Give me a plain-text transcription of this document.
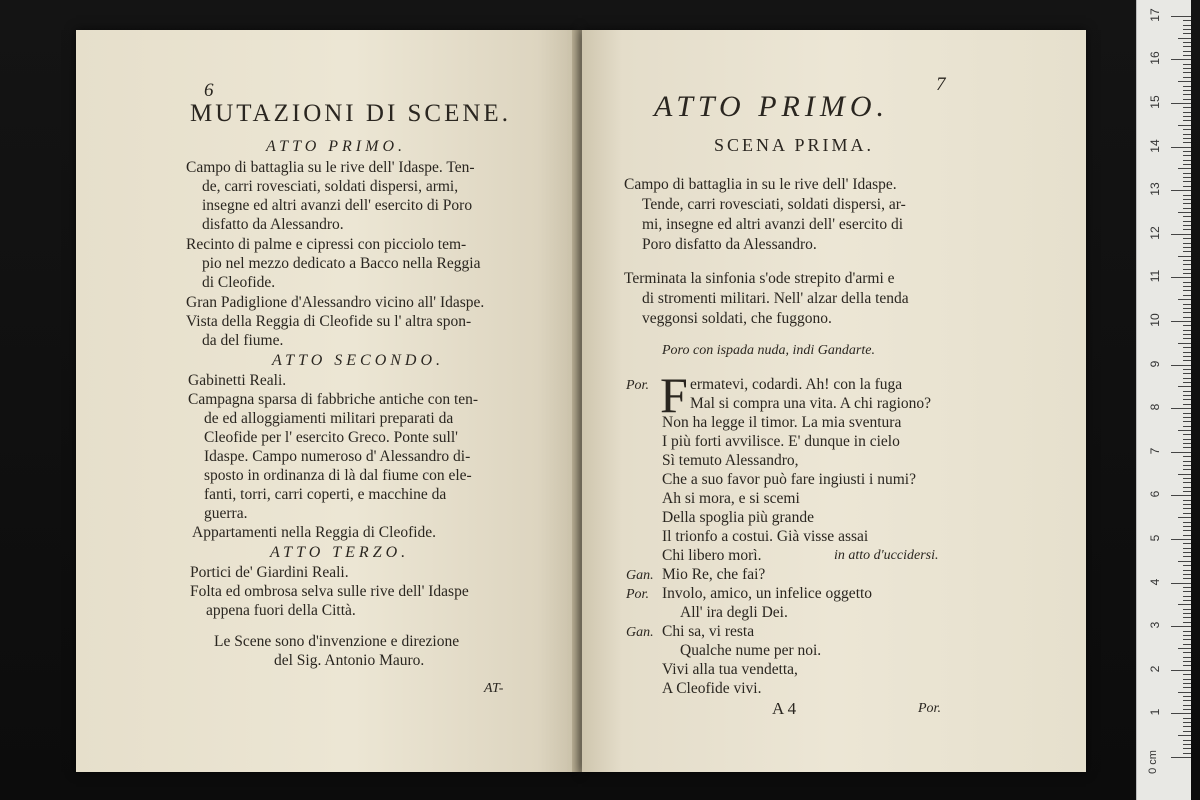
6
MUTAZIONI DI SCENE.
ATTO PRIMO.
Campo di battaglia su le rive dell' Idaspe. Ten-
de, carri rovesciati, soldati dispersi, armi,
insegne ed altri avanzi dell' esercito di Poro
disfatto da Alessandro.
Recinto di palme e cipressi con picciolo tem-
pio nel mezzo dedicato a Bacco nella Reggia
di Cleofide.
Gran Padiglione d'Alessandro vicino all' Idaspe.
Vista della Reggia di Cleofide su l' altra spon-
da del fiume.
ATTO SECONDO.
Gabinetti Reali.
Campagna sparsa di fabbriche antiche con ten-
de ed alloggiamenti militari preparati da
Cleofide per l' esercito Greco. Ponte sull'
Idaspe. Campo numeroso d' Alessandro di-
sposto in ordinanza di là dal fiume con ele-
fanti, torri, carri coperti, e macchine da
guerra.
Appartamenti nella Reggia di Cleofide.
ATTO TERZO.
Portici de' Giardini Reali.
Folta ed ombrosa selva sulle rive dell' Idaspe
appena fuori della Città.
Le Scene sono d'invenzione e direzione
del Sig. Antonio Mauro.
AT-
7
ATTO PRIMO.
SCENA PRIMA.
Campo di battaglia in su le rive dell' Idaspe.
Tende, carri rovesciati, soldati dispersi, ar-
mi, insegne ed altri avanzi dell' esercito di
Poro disfatto da Alessandro.
Terminata la sinfonia s'ode strepito d'armi e
di stromenti militari. Nell' alzar della tenda
veggonsi soldati, che fuggono.
Poro con ispada nuda, indi Gandarte.
Por. F ermatevi, codardi. Ah! con la fuga
Mal si compra una vita. A chi ragiono?
Non ha legge il timor. La mia sventura
I più forti avvilisce. E' dunque in cielo
Sì temuto Alessandro,
Che a suo favor può fare ingiusti i numi?
Ah si mora, e si scemi
Della spoglia più grande
Il trionfo a costui. Già visse assai
Chi libero morì.	in atto d'uccidersi.
Gan. Mio Re, che fai?
Por. Involo, amico, un infelice oggetto
All' ira degli Dei.
Gan. Chi sa, vi resta
Qualche nume per noi.
Vivi alla tua vendetta,
A Cleofide vivi.
A 4	Por.
0 cm
1
2
3
4
5
6
7
8
9
10
11
12
13
14
15
16
17
